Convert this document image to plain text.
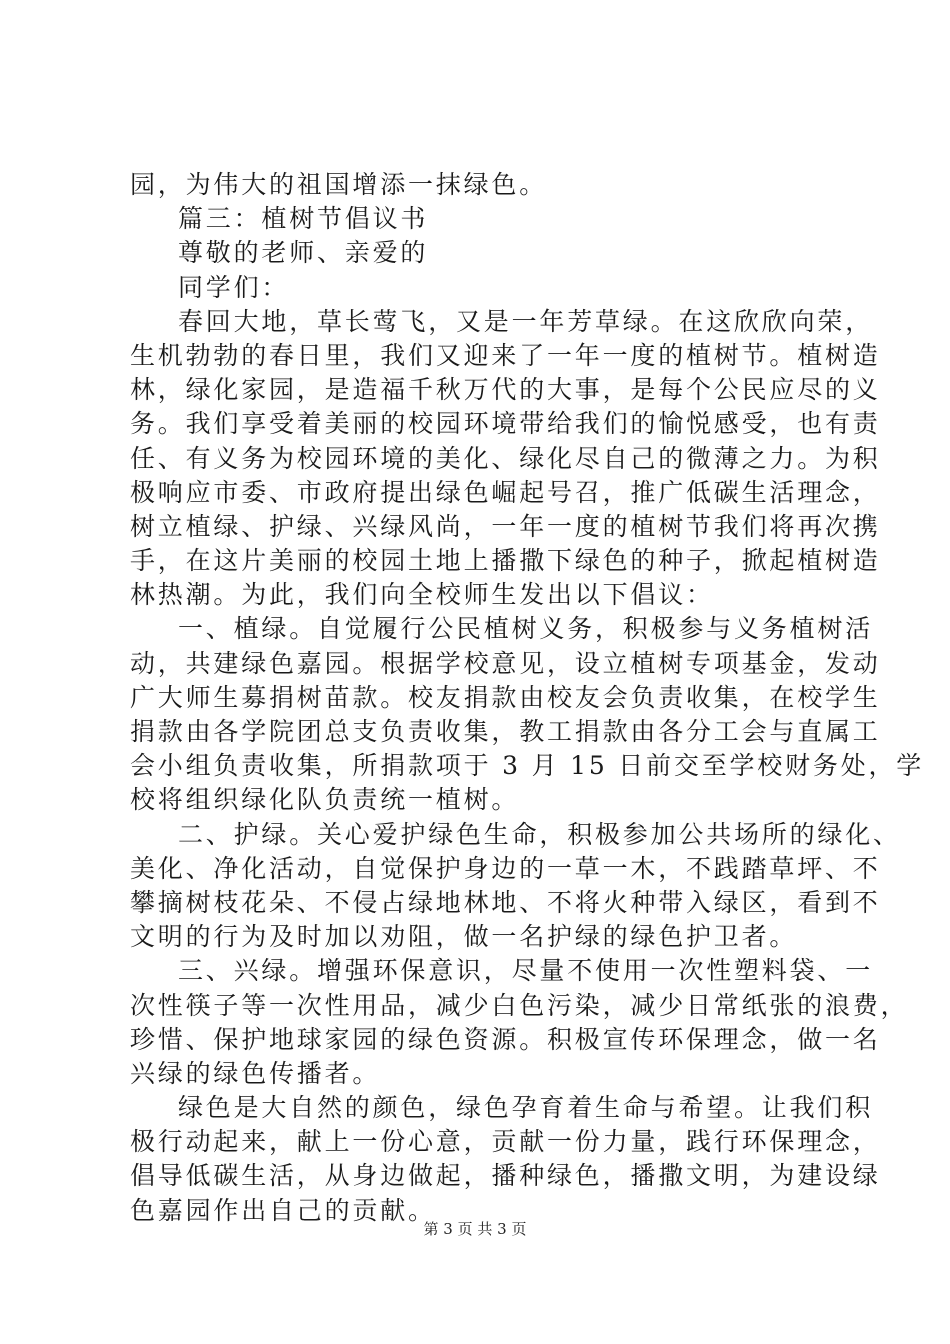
园，为伟大的祖国增添一抹绿色。
篇三：植树节倡议书
尊敬的老师、亲爱的
同学们：
春回大地，草长莺飞，又是一年芳草绿。在这欣欣向荣，
生机勃勃的春日里，我们又迎来了一年一度的植树节。植树造
林，绿化家园，是造福千秋万代的大事，是每个公民应尽的义
务。我们享受着美丽的校园环境带给我们的愉悦感受，也有责
任、有义务为校园环境的美化、绿化尽自己的微薄之力。为积
极响应市委、市政府提出绿色崛起号召，推广低碳生活理念，
树立植绿、护绿、兴绿风尚，一年一度的植树节我们将再次携
手，在这片美丽的校园土地上播撒下绿色的种子，掀起植树造
林热潮。为此，我们向全校师生发出以下倡议：
一、植绿。自觉履行公民植树义务，积极参与义务植树活
动，共建绿色嘉园。根据学校意见，设立植树专项基金，发动
广大师生募捐树苗款。校友捐款由校友会负责收集，在校学生
捐款由各学院团总支负责收集，教工捐款由各分工会与直属工
会小组负责收集，所捐款项于 3 月 15 日前交至学校财务处，学
校将组织绿化队负责统一植树。
二、护绿。关心爱护绿色生命，积极参加公共场所的绿化、
美化、净化活动，自觉保护身边的一草一木，不践踏草坪、不
攀摘树枝花朵、不侵占绿地林地、不将火种带入绿区，看到不
文明的行为及时加以劝阻，做一名护绿的绿色护卫者。
三、兴绿。增强环保意识，尽量不使用一次性塑料袋、一
次性筷子等一次性用品，减少白色污染，减少日常纸张的浪费，
珍惜、保护地球家园的绿色资源。积极宣传环保理念，做一名
兴绿的绿色传播者。
绿色是大自然的颜色，绿色孕育着生命与希望。让我们积
极行动起来，献上一份心意，贡献一份力量，践行环保理念，
倡导低碳生活，从身边做起，播种绿色，播撒文明，为建设绿
色嘉园作出自己的贡献。
第 3 页 共 3 页
